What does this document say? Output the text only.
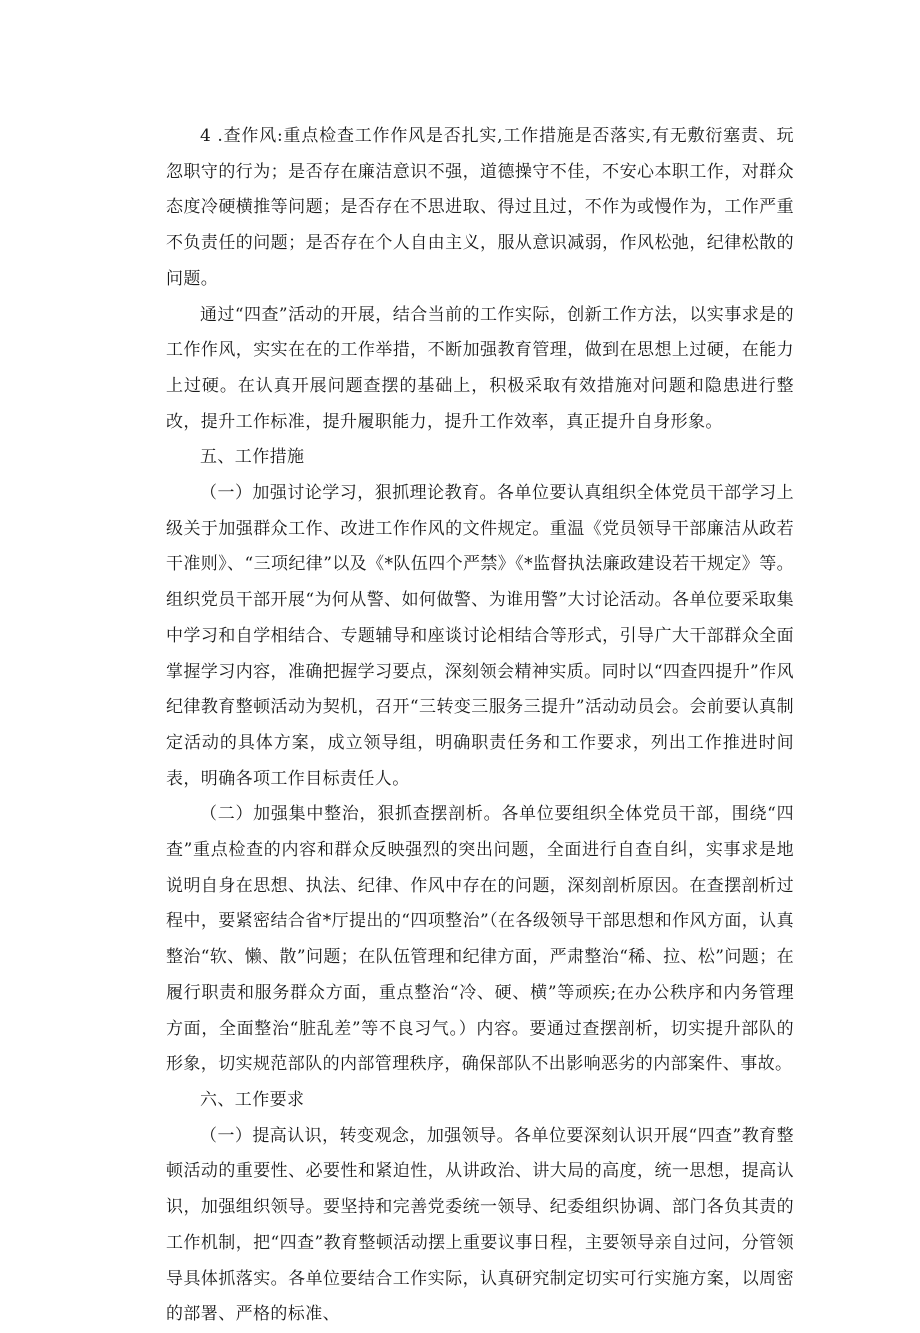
4 .查作风:重点检查工作作风是否扎实,工作措施是否落实,有无敷衍塞责、玩忽职守的行为；是否存在廉洁意识不强，道德操守不佳，不安心本职工作，对群众态度冷硬横推等问题；是否存在不思进取、得过且过，不作为或慢作为，工作严重不负责任的问题；是否存在个人自由主义，服从意识减弱，作风松弛，纪律松散的问题。

通过“四查”活动的开展，结合当前的工作实际，创新工作方法，以实事求是的工作作风，实实在在的工作举措，不断加强教育管理，做到在思想上过硬，在能力上过硬。在认真开展问题查摆的基础上，积极采取有效措施对问题和隐患进行整改，提升工作标准，提升履职能力，提升工作效率，真正提升自身形象。

五、工作措施

（一）加强讨论学习，狠抓理论教育。各单位要认真组织全体党员干部学习上级关于加强群众工作、改进工作作风的文件规定。重温《党员领导干部廉洁从政若干准则》、“三项纪律”以及《*队伍四个严禁》《*监督执法廉政建设若干规定》等。组织党员干部开展“为何从警、如何做警、为谁用警”大讨论活动。各单位要采取集中学习和自学相结合、专题辅导和座谈讨论相结合等形式，引导广大干部群众全面掌握学习内容，准确把握学习要点，深刻领会精神实质。同时以“四查四提升”作风纪律教育整顿活动为契机，召开“三转变三服务三提升”活动动员会。会前要认真制定活动的具体方案，成立领导组，明确职责任务和工作要求，列出工作推进时间表，明确各项工作目标责任人。

（二）加强集中整治，狠抓查摆剖析。各单位要组织全体党员干部，围绕“四查”重点检查的内容和群众反映强烈的突出问题，全面进行自查自纠，实事求是地说明自身在思想、执法、纪律、作风中存在的问题，深刻剖析原因。在查摆剖析过程中，要紧密结合省*厅提出的“四项整治”（在各级领导干部思想和作风方面，认真整治“软、懒、散”问题；在队伍管理和纪律方面，严肃整治“稀、拉、松”问题；在履行职责和服务群众方面，重点整治“冷、硬、横”等顽疾;在办公秩序和内务管理方面，全面整治“脏乱差”等不良习气。）内容。要通过查摆剖析，切实提升部队的形象，切实规范部队的内部管理秩序，确保部队不出影响恶劣的内部案件、事故。

六、工作要求

（一）提高认识，转变观念，加强领导。各单位要深刻认识开展“四查”教育整顿活动的重要性、必要性和紧迫性，从讲政治、讲大局的高度，统一思想，提高认识，加强组织领导。要坚持和完善党委统一领导、纪委组织协调、部门各负其责的工作机制，把“四查”教育整顿活动摆上重要议事日程，主要领导亲自过问，分管领导具体抓落实。各单位要结合工作实际，认真研究制定切实可行实施方案，以周密的部署、严格的标准、
